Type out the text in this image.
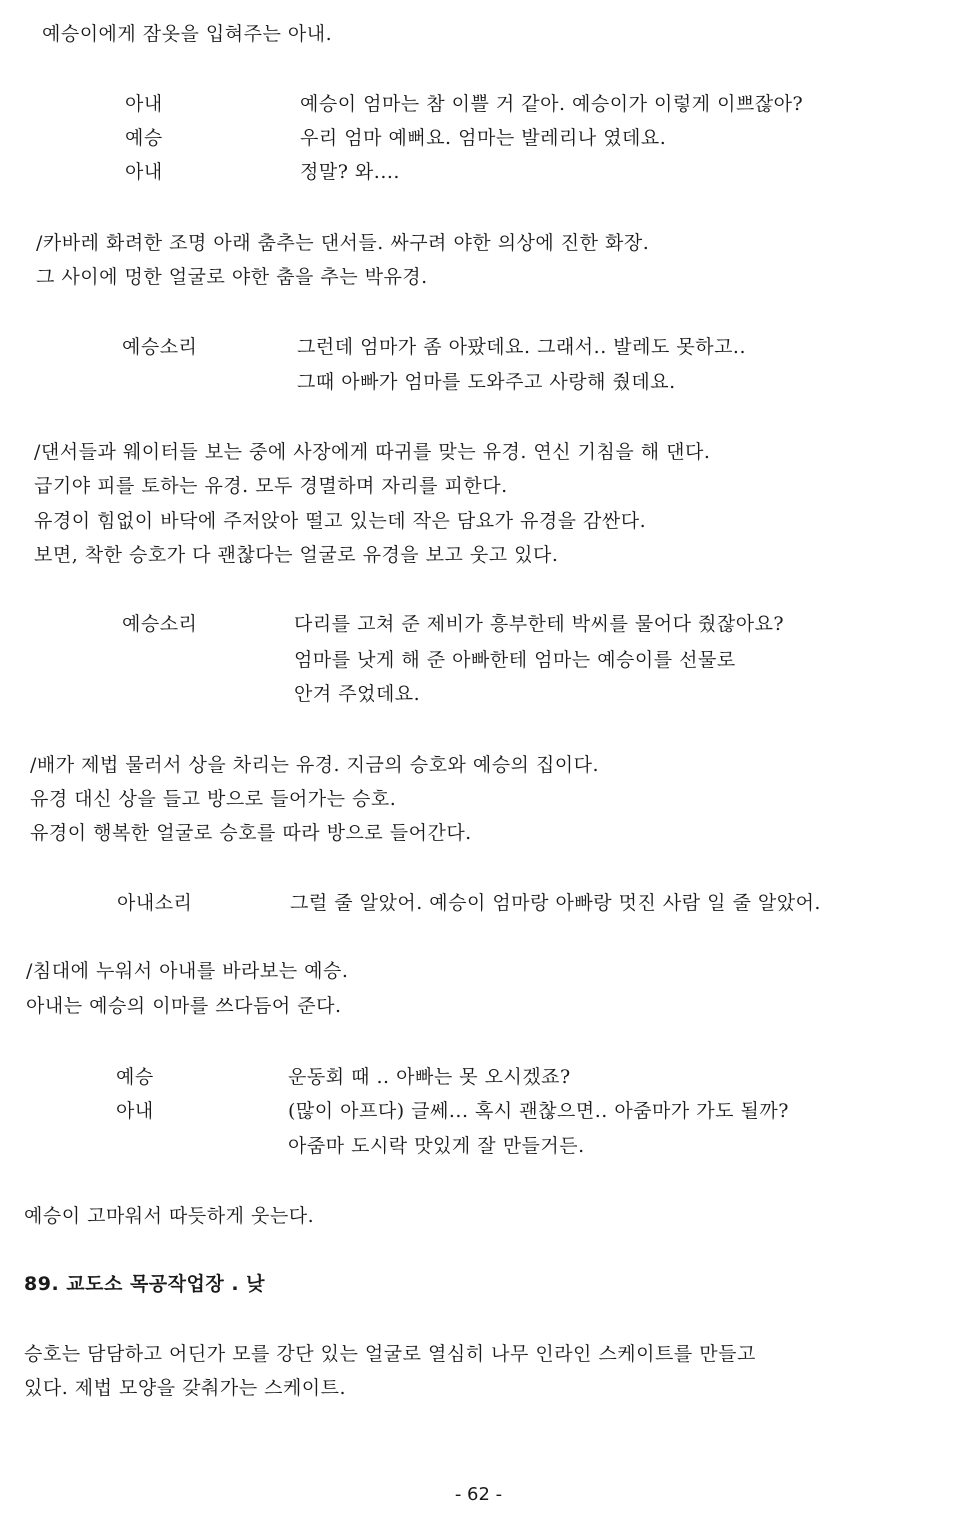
예승이에게 잠옷을 입혀주는 아내.
아내	예승이 엄마는 참 이쁠 거 같아. 예승이가 이렇게 이쁘잖아?
예승	우리 엄마 예뻐요. 엄마는 발레리나 였데요.
아내	정말? 와....
/카바레 화려한 조명 아래 춤추는 댄서들. 싸구려 야한 의상에 진한 화장.
그 사이에 멍한 얼굴로 야한 춤을 추는 박유경.
예승소리	그런데 엄마가 좀 아팠데요. 그래서.. 발레도 못하고..
그때 아빠가 엄마를 도와주고 사랑해 줬데요.
/댄서들과 웨이터들 보는 중에 사장에게 따귀를 맞는 유경. 연신 기침을 해 댄다.
급기야 피를 토하는 유경. 모두 경멸하며 자리를 피한다.
유경이 힘없이 바닥에 주저앉아 떨고 있는데 작은 담요가 유경을 감싼다.
보면, 착한 승호가 다 괜찮다는 얼굴로 유경을 보고 웃고 있다.
예승소리	다리를 고쳐 준 제비가 흥부한테 박씨를 물어다 줬잖아요?
엄마를 낫게 해 준 아빠한테 엄마는 예승이를 선물로
안겨 주었데요.
/배가 제법 물러서 상을 차리는 유경. 지금의 승호와 예승의 집이다.
유경 대신 상을 들고 방으로 들어가는 승호.
유경이 행복한 얼굴로 승호를 따라 방으로 들어간다.
아내소리	그럴 줄 알았어. 예승이 엄마랑 아빠랑 멋진 사람 일 줄 알았어.
/침대에 누워서 아내를 바라보는 예승.
아내는 예승의 이마를 쓰다듬어 준다.
예승	운동회 때 .. 아빠는 못 오시겠죠?
아내	(많이 아프다) 글쎄... 혹시 괜찮으면.. 아줌마가 가도 될까?
아줌마 도시락 맛있게 잘 만들거든.
예승이 고마워서 따듯하게 웃는다.
89. 교도소 목공작업장 . 낮
승호는 담담하고 어딘가 모를 강단 있는 얼굴로 열심히 나무 인라인 스케이트를 만들고
있다. 제법 모양을 갖춰가는 스케이트.
- 62 -
